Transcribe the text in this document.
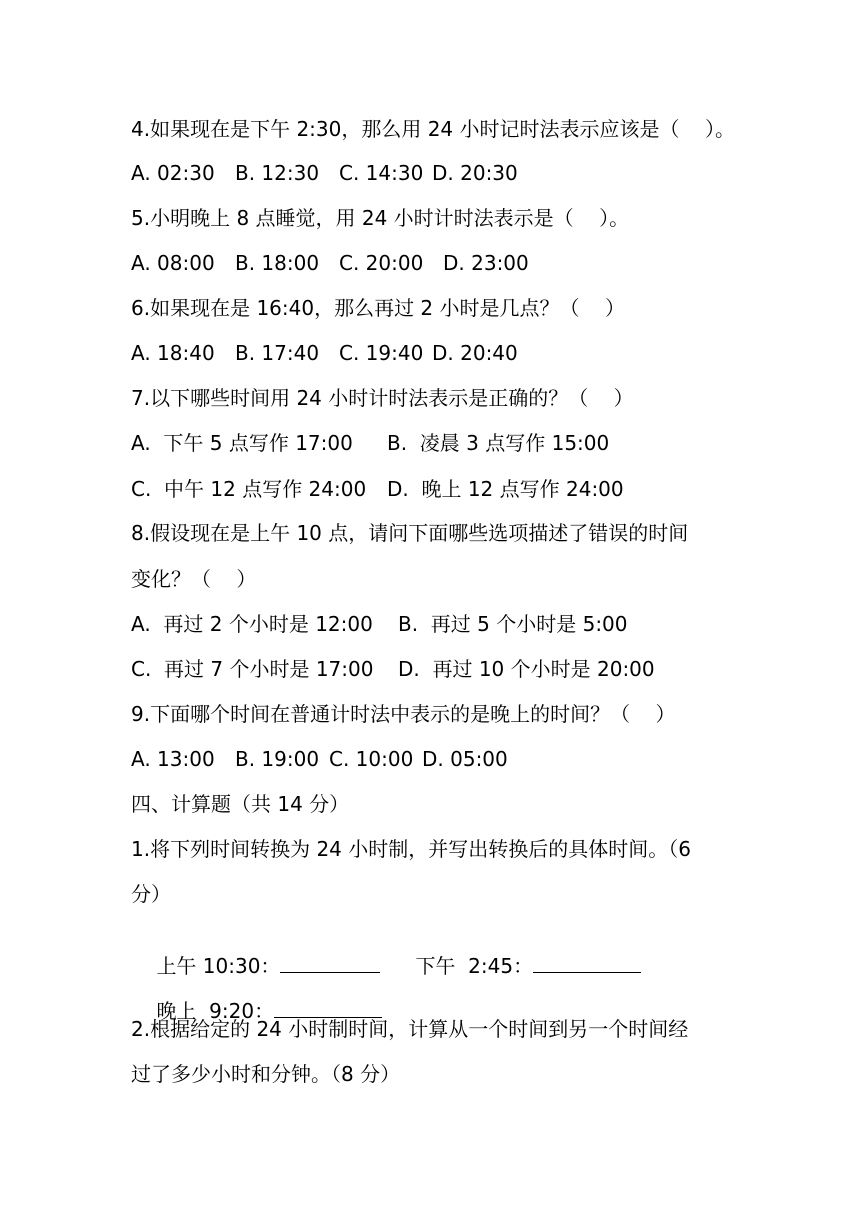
4.如果现在是下午 2:30，那么用 24 小时记时法表示应该是（    ）。

A. 02:30

B. 12:30

C. 14:30

D. 20:30

5.小明晚上 8 点睡觉，用 24 小时计时法表示是（    ）。

A. 08:00

B. 18:00

C. 20:00

D. 23:00

6.如果现在是 16:40，那么再过 2 小时是几点？（    ）

A. 18:40

B. 17:40

C. 19:40

D. 20:40

7.以下哪些时间用 24 小时计时法表示是正确的？（    ）

A.  下午 5 点写作 17:00

B.  凌晨 3 点写作 15:00

C.  中午 12 点写作 24:00

D.  晚上 12 点写作 24:00

8.假设现在是上午 10 点，请问下面哪些选项描述了错误的时间
变化？（    ）

A.  再过 2 个小时是 12:00

B.  再过 5 个小时是 5:00

C.  再过 7 个小时是 17:00

D.  再过 10 个小时是 20:00

9.下面哪个时间在普通计时法中表示的是晚上的时间？（    ）

A. 13:00

B. 19:00

C. 10:00

D. 05:00

四、计算题（共 14 分）
1.将下列时间转换为 24 小时制，并写出转换后的具体时间。（6
分）

上午 10:30：
	下午  2:45：

晚上  9:20：

2.根据给定的 24 小时制时间，计算从一个时间到另一个时间经
过了多少小时和分钟。（8 分）
